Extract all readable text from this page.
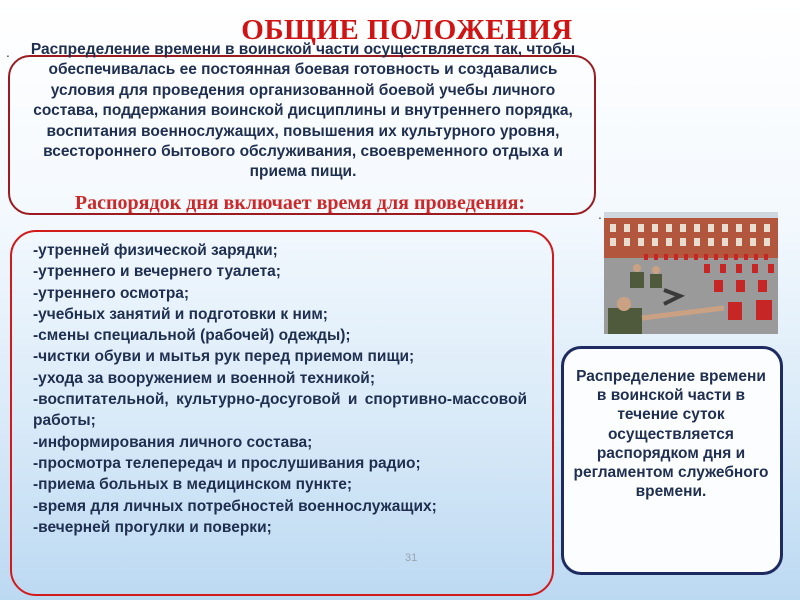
ОБЩИЕ ПОЛОЖЕНИЯ
.
.

Распорядок дня включает время для проведения:

Распределение времени в воинской части осуществляется так, чтобы обеспечивалась ее постоянная боевая готовность и создавались условия для проведения организованной боевой учебы личного состава, поддержания воинской дисциплины и внутреннего порядка, воспитания военнослужащих, повышения их культурного уровня, всестороннего бытового обслуживания, своевременного отдыха и приема пищи.

-утренней физической зарядки;
-утреннего и вечернего туалета;
-утреннего осмотра;
-учебных занятий и подготовки к ним;
-смены специальной (рабочей) одежды);
-чистки обуви и мытья рук перед приемом пищи;
-ухода за вооружением и военной техникой;
-воспитательной, культурно-досуговой и спортивно-массовой работы;
-информирования личного состава;
-просмотра телепередач и прослушивания радио;
-приема больных в медицинском пункте;
-время для личных потребностей военнослужащих;
-вечерней прогулки и поверки;
31

Распределение времени в воинской части в течение суток осуществляется распорядком дня и регламентом служебного времени.
